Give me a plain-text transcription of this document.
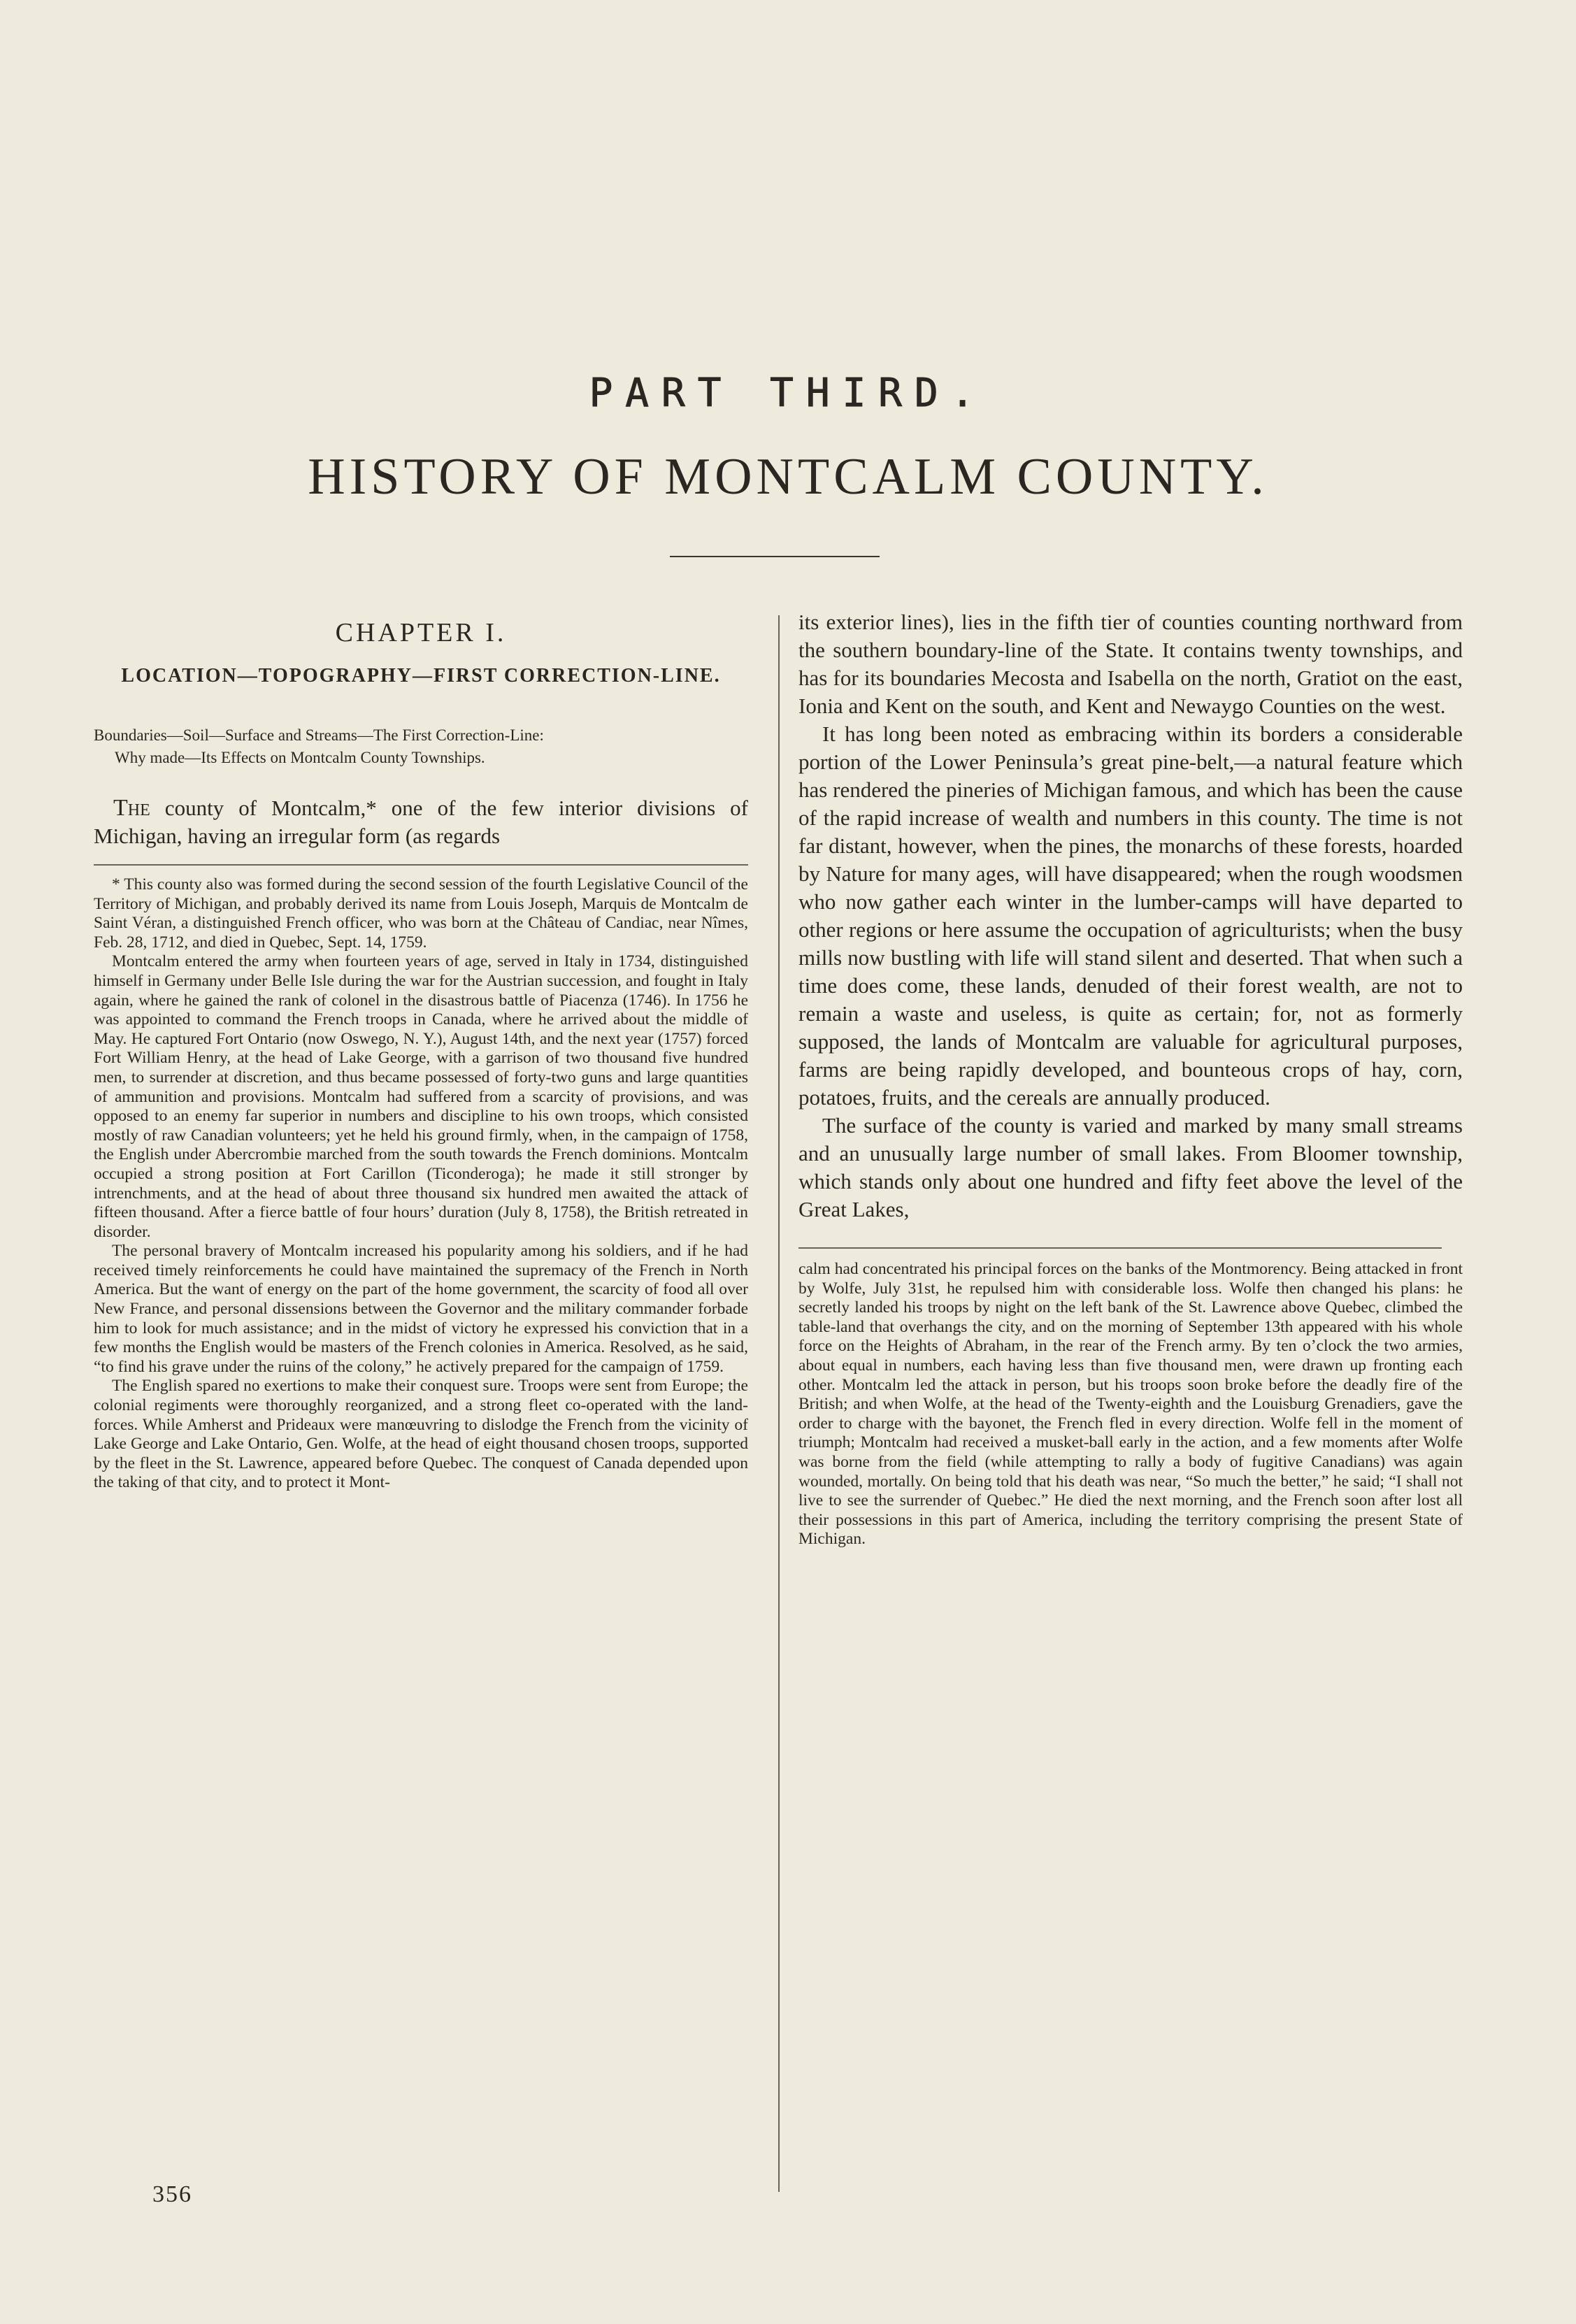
PART THIRD.
HISTORY OF MONTCALM COUNTY.

CHAPTER I.

LOCATION—TOPOGRAPHY—FIRST CORRECTION-LINE.

Boundaries—Soil—Surface and Streams—The First Correction-Line:
Why made—Its Effects on Montcalm County Townships.

The county of Montcalm,* one of the few interior divisions of Michigan, having an irregular form (as regards

* This county also was formed during the second session of the fourth Legislative Council of the Territory of Michigan, and probably derived its name from Louis Joseph, Marquis de Montcalm de Saint Véran, a distinguished French officer, who was born at the Château of Candiac, near Nîmes, Feb. 28, 1712, and died in Quebec, Sept. 14, 1759.

Montcalm entered the army when fourteen years of age, served in Italy in 1734, distinguished himself in Germany under Belle Isle during the war for the Austrian succession, and fought in Italy again, where he gained the rank of colonel in the disastrous battle of Piacenza (1746). In 1756 he was appointed to command the French troops in Canada, where he arrived about the middle of May. He captured Fort Ontario (now Oswego, N. Y.), August 14th, and the next year (1757) forced Fort William Henry, at the head of Lake George, with a garrison of two thousand five hundred men, to surrender at discretion, and thus became possessed of forty-two guns and large quantities of ammunition and provisions. Montcalm had suffered from a scarcity of provisions, and was opposed to an enemy far superior in numbers and discipline to his own troops, which consisted mostly of raw Canadian volunteers; yet he held his ground firmly, when, in the campaign of 1758, the English under Abercrombie marched from the south towards the French dominions. Montcalm occupied a strong position at Fort Carillon (Ticonderoga); he made it still stronger by intrenchments, and at the head of about three thousand six hundred men awaited the attack of fifteen thousand. After a fierce battle of four hours’ duration (July 8, 1758), the British retreated in disorder.

The personal bravery of Montcalm increased his popularity among his soldiers, and if he had received timely reinforcements he could have maintained the supremacy of the French in North America. But the want of energy on the part of the home government, the scarcity of food all over New France, and personal dissensions between the Governor and the military commander forbade him to look for much assistance; and in the midst of victory he expressed his conviction that in a few months the English would be masters of the French colonies in America. Resolved, as he said, “to find his grave under the ruins of the colony,” he actively prepared for the campaign of 1759.

The English spared no exertions to make their conquest sure. Troops were sent from Europe; the colonial regiments were thoroughly reorganized, and a strong fleet co-operated with the land-forces. While Amherst and Prideaux were manœuvring to dislodge the French from the vicinity of Lake George and Lake Ontario, Gen. Wolfe, at the head of eight thousand chosen troops, supported by the fleet in the St. Lawrence, appeared before Quebec. The conquest of Canada depended upon the taking of that city, and to protect it Mont-

its exterior lines), lies in the fifth tier of counties counting northward from the southern boundary-line of the State. It contains twenty townships, and has for its boundaries Mecosta and Isabella on the north, Gratiot on the east, Ionia and Kent on the south, and Kent and Newaygo Counties on the west.

It has long been noted as embracing within its borders a considerable portion of the Lower Peninsula’s great pine-belt,—a natural feature which has rendered the pineries of Michigan famous, and which has been the cause of the rapid increase of wealth and numbers in this county. The time is not far distant, however, when the pines, the monarchs of these forests, hoarded by Nature for many ages, will have disappeared; when the rough woodsmen who now gather each winter in the lumber-camps will have departed to other regions or here assume the occupation of agriculturists; when the busy mills now bustling with life will stand silent and deserted. That when such a time does come, these lands, denuded of their forest wealth, are not to remain a waste and useless, is quite as certain; for, not as formerly supposed, the lands of Montcalm are valuable for agricultural purposes, farms are being rapidly developed, and bounteous crops of hay, corn, potatoes, fruits, and the cereals are annually produced.

The surface of the county is varied and marked by many small streams and an unusually large number of small lakes. From Bloomer township, which stands only about one hundred and fifty feet above the level of the Great Lakes,

calm had concentrated his principal forces on the banks of the Montmorency. Being attacked in front by Wolfe, July 31st, he repulsed him with considerable loss. Wolfe then changed his plans: he secretly landed his troops by night on the left bank of the St. Lawrence above Quebec, climbed the table-land that overhangs the city, and on the morning of September 13th appeared with his whole force on the Heights of Abraham, in the rear of the French army. By ten o’clock the two armies, about equal in numbers, each having less than five thousand men, were drawn up fronting each other. Montcalm led the attack in person, but his troops soon broke before the deadly fire of the British; and when Wolfe, at the head of the Twenty-eighth and the Louisburg Grenadiers, gave the order to charge with the bayonet, the French fled in every direction. Wolfe fell in the moment of triumph; Montcalm had received a musket-ball early in the action, and a few moments after Wolfe was borne from the field (while attempting to rally a body of fugitive Canadians) was again wounded, mortally. On being told that his death was near, “So much the better,” he said; “I shall not live to see the surrender of Quebec.” He died the next morning, and the French soon after lost all their possessions in this part of America, including the territory comprising the present State of Michigan.

356
